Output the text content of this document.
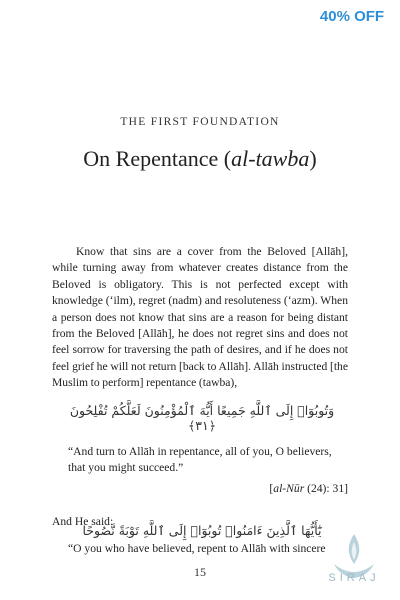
40% OFF
THE FIRST FOUNDATION
On Repentance (al-tawba)
Know that sins are a cover from the Beloved [Allāh], while turning away from whatever creates distance from the Beloved is obligatory. This is not perfected except with knowledge (‘ilm), regret (nadm) and resoluteness (‘azm). When a person does not know that sins are a reason for being distant from the Beloved [Allāh], he does not regret sins and does not feel sorrow for traversing the path of desires, and if he does not feel grief he will not return [back to Allāh]. Allāh instructed [the Muslim to perform] repentance (tawba),
وَتُوبُوٓا۟ إِلَى ٱللَّهِ جَمِيعًا أَيُّهَ ٱلْمُؤْمِنُونَ لَعَلَّكُمْ تُفْلِحُونَ ﴿٣١﴾
“And turn to Allāh in repentance, all of you, O believers, that you might succeed.”
[al-Nūr (24): 31]
And He said:
يَٰٓأَيُّهَا ٱلَّذِينَ ءَامَنُوا۟ تُوبُوٓا۟ إِلَى ٱللَّهِ تَوْبَةً نَّصُوحًا
“O you who have believed, repent to Allāh with sincere
15	SIRAJ
